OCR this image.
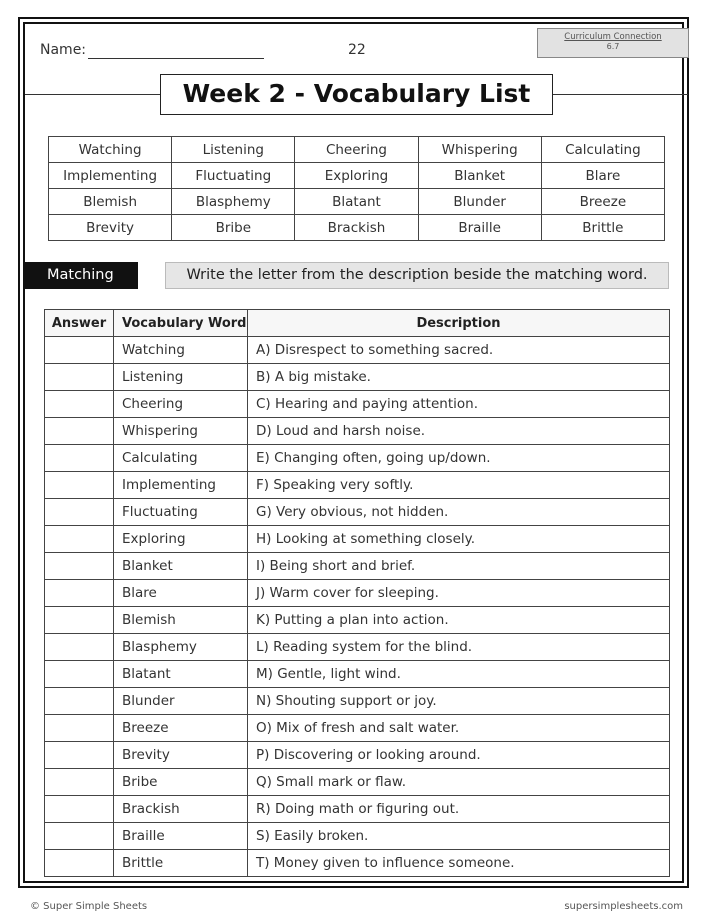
Name:	22
Curriculum Connection
6.7
Week 2 - Vocabulary List
Watching	Listening	Cheering	Whispering	Calculating
Implementing	Fluctuating	Exploring	Blanket	Blare
Blemish	Blasphemy	Blatant	Blunder	Breeze
Brevity	Bribe	Brackish	Braille	Brittle
Matching	Write the letter from the description beside the matching word.
Answer	Vocabulary Word	Description
	Watching	A) Disrespect to something sacred.
	Listening	B) A big mistake.
	Cheering	C) Hearing and paying attention.
	Whispering	D) Loud and harsh noise.
	Calculating	E) Changing often, going up/down.
	Implementing	F) Speaking very softly.
	Fluctuating	G) Very obvious, not hidden.
	Exploring	H) Looking at something closely.
	Blanket	I) Being short and brief.
	Blare	J) Warm cover for sleeping.
	Blemish	K) Putting a plan into action.
	Blasphemy	L) Reading system for the blind.
	Blatant	M) Gentle, light wind.
	Blunder	N) Shouting support or joy.
	Breeze	O) Mix of fresh and salt water.
	Brevity	P) Discovering or looking around.
	Bribe	Q) Small mark or flaw.
	Brackish	R) Doing math or figuring out.
	Braille	S) Easily broken.
	Brittle	T) Money given to influence someone.
© Super Simple Sheets	supersimplesheets.com
